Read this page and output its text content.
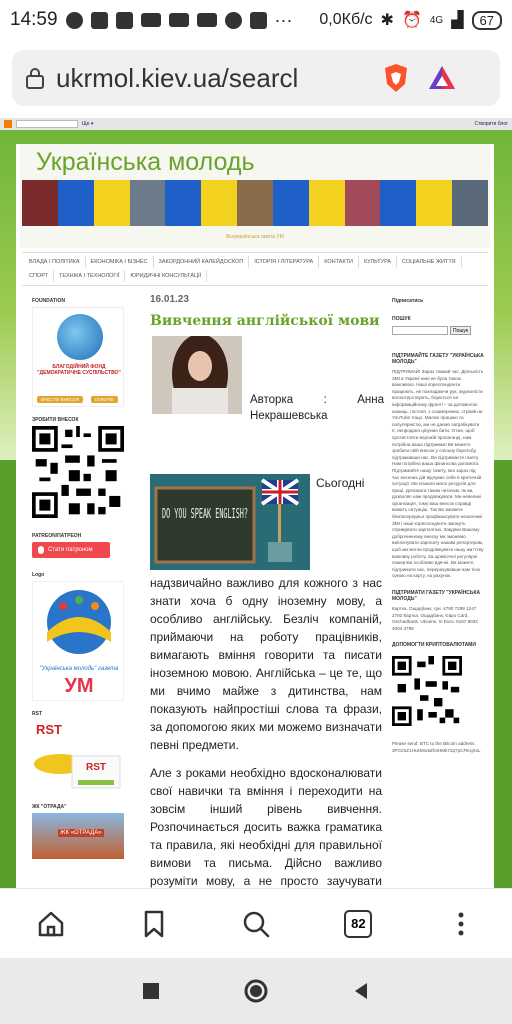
14:59	··· 0,0Кб/с ✱ ⏰ 4G ▟	67
ukrmol.kiev.ua/searcl
Ще ▾	Створити блог
Українська молодь
Всеукраїнська газета УМ
ВЛАДА І ПОЛІТИКА	ЕКОНОМІКА І БІЗНЕС	ЗАКОРДОННИЙ КАЛЕЙДОСКОП	ІСТОРІЯ І ЛІТЕРАТУРА	КОНТАКТИ	КУЛЬТУРА	СОЦІАЛЬНЕ ЖИТТЯ
СПОРТ	ТЕХНІКА І ТЕХНОЛОГІЇ	ЮРИДИЧНІ КОНСУЛЬТАЦІЇ
FOUNDATION
БЛАГОДІЙНИЙ ФОНД "ДЕМОКРАТИЧНЕ СУСПІЛЬСТВО"
ВНЕСТИ ВНЕСОК	DONATE
ЗРОБИТИ ВНЕСОК
PATREON/ПАТРЕОН
Стати патроном
Logo
"Українська молодь" газета
УМ
RST
RST
RST
ЖК "ОТРАДА"
ЖК «ОТРАДА»
16.01.23
Вивчення англійської мови
Авторка : Анна Некрашевська
DO YOU SPEAK ENGLISH?

Сьогодні надзвичайно важливо для кожного з нас знати хоча б одну іноземну мову, а особливо англійську. Безліч компаній, приймаючи на роботу працівників, вимагають вміння говорити та писати іноземною мовою. Англійська – це те, що ми вчимо майже з дитинства, нам показують найпростіші слова та фрази, за допомогою яких ми можемо визначати певні предмети.

Але з роками необхідно вдосконалювати свої навички та вміння і переходити на зовсім інший рівень вивчення. Розпочинається досить важка граматика та правила, які необхідні для правильної вимови та письма. Дійсно важливо розуміти мову, а не просто заучувати

Підписатись
ПОШУК
Пошук
ПІДТРИМАЙТЕ ГАЗЕТУ "УКРАЇНСЬКА МОЛОДЬ"
ПІДТРИМАЙ! Зараз тяжкий час. Діяльність ЗМІ в Україні нині не була такою важливою. Наші кореспонденти працюють, не покладаючи рук, журналісти волонтерствують, борються на інформаційному фронті – за допомогою ножиць, пістоля, з сошмережах, стрімів на YouTube тощо. Маємо працюю та популярністю, ми не даємо заграбкувати її, непродано цінуємо бити. Отже, щоб протистояти ворожій пропаганді, нам потрібна ваша підтримка! Ви можете зробити свій внесок у спільну боротьбу, підтримавши нас. Ви підтримаєте газету. Нам потрібна ваша фінансова допомога. Підтримайте нашу газету, яка зараз під час воєнних дій відчуває себе в критичній ситуації. Ми пізнали мало ресурсів для праці. Допомога таким читачам, як ви, дозволяє нам продовжувати. Ми невеликі організація, тому ваш внесок справді важить ситуацію. Так Ви зможете безпосередньо профінансувати незалежні ЗМІ і наші кореспонденти зможуть отримувати зарплатню. Завдяки Вашому доброчинному внеску ми зможемо виплачувати зарплату нашим репортерам, щоб ми могли продовжувати нашу життєву важливу роботу. За щомісячні регулярні пожертви особливо вдячні. Ви можете підтримати нас, перерахувавши нам тією сумою на карту, на рахунок.
ПІДТРИМАТИ ГАЗЕТУ "УКРАЇНСЬКА МОЛОДЬ"
Картка, Ощадбанк, грн: 4790 7299 1247 2792 Картка, Ощадбанк, Євро Card, Oschadbank, Ukraine, In Euro: 5167 8032 4004 3799
ДОПОМОГТИ КРИПТОВАЛЮТАМИ
Please send: BTC to the Bitcoin address 3FGzSZ1HUt5Sx6Zh4HMk72q7pCFExjXxL
82
